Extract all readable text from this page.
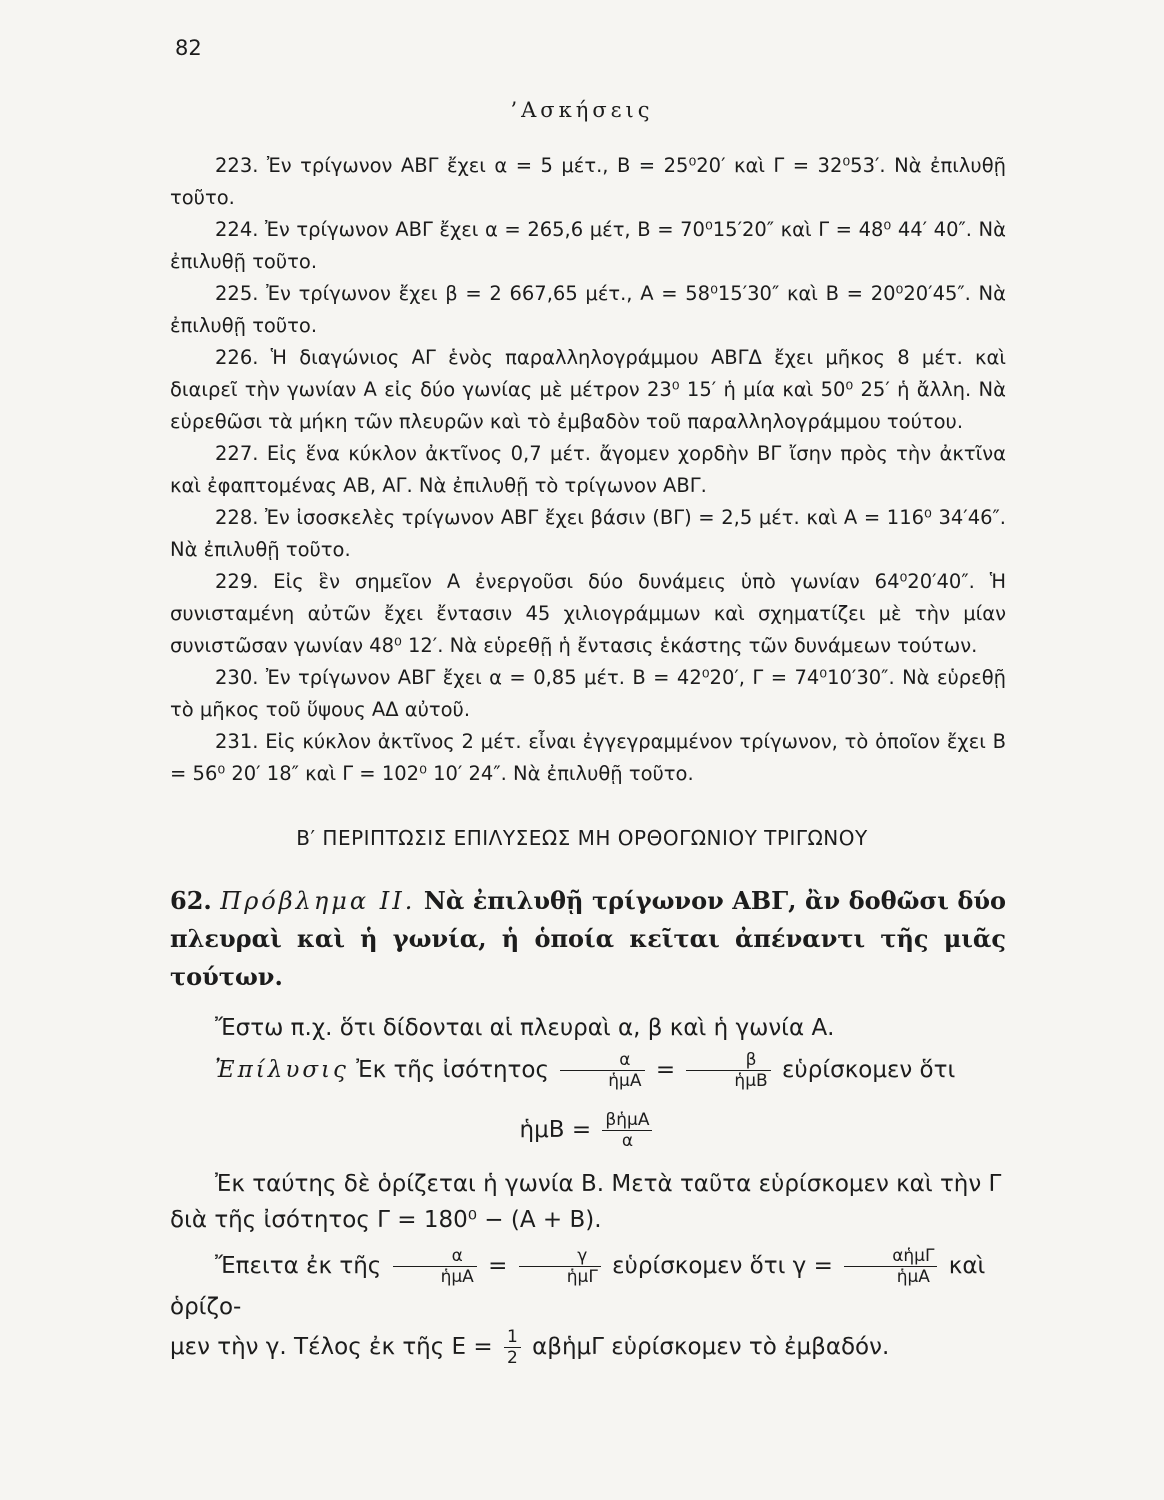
82
’Ασκήσεις

223. Ἐν τρίγωνον ΑΒΓ ἔχει α = 5 μέτ., Β = 25⁰20′ καὶ Γ = 32⁰53′. Νὰ ἐπιλυθῇ τοῦτο.

224. Ἐν τρίγωνον ΑΒΓ ἔχει α = 265,6 μέτ, Β = 70⁰15′20″ καὶ Γ = 48⁰ 44′ 40″. Νὰ ἐπιλυθῇ τοῦτο.

225. Ἐν τρίγωνον ἔχει β = 2 667,65 μέτ., Α = 58⁰15′30″ καὶ Β = 20⁰20′45″. Νὰ ἐπιλυθῇ τοῦτο.

226. Ἡ διαγώνιος ΑΓ ἑνὸς παραλληλογράμμου ΑΒΓΔ ἔχει μῆκος 8 μέτ. καὶ διαιρεῖ τὴν γωνίαν Α εἰς δύο γωνίας μὲ μέτρον 23⁰ 15′ ἡ μία καὶ 50⁰ 25′ ἡ ἄλλη. Νὰ εὑρεθῶσι τὰ μήκη τῶν πλευρῶν καὶ τὸ ἐμβαδὸν τοῦ παραλληλογράμμου τούτου.

227. Εἰς ἕνα κύκλον ἀκτῖνος 0,7 μέτ. ἄγομεν χορδὴν ΒΓ ἴσην πρὸς τὴν ἀκτῖνα καὶ ἐφαπτομένας ΑΒ, ΑΓ. Νὰ ἐπιλυθῇ τὸ τρίγωνον ΑΒΓ.

228. Ἐν ἰσοσκελὲς τρίγωνον ΑΒΓ ἔχει βάσιν (ΒΓ) = 2,5 μέτ. καὶ Α = 116⁰ 34′46″. Νὰ ἐπιλυθῇ τοῦτο.

229. Εἰς ἓν σημεῖον Α ἐνεργοῦσι δύο δυνάμεις ὑπὸ γωνίαν 64⁰20′40″. Ἡ συνισταμένη αὐτῶν ἔχει ἔντασιν 45 χιλιογράμμων καὶ σχηματίζει μὲ τὴν μίαν συνιστῶσαν γωνίαν 48⁰ 12′. Νὰ εὑρεθῇ ἡ ἔντασις ἑκάστης τῶν δυνάμεων τούτων.

230. Ἐν τρίγωνον ΑΒΓ ἔχει α = 0,85 μέτ. Β = 42⁰20′, Γ = 74⁰10′30″. Νὰ εὑρεθῇ τὸ μῆκος τοῦ ὕψους ΑΔ αὐτοῦ.

231. Εἰς κύκλον ἀκτῖνος 2 μέτ. εἶναι ἐγγεγραμμένον τρίγωνον, τὸ ὁποῖον ἔχει Β = 56⁰ 20′ 18″ καὶ Γ = 102⁰ 10′ 24″. Νὰ ἐπιλυθῇ τοῦτο.

Β′ ΠΕΡΙΠΤΩΣΙΣ ΕΠΙΛΥΣΕΩΣ ΜΗ ΟΡΘΟΓΩΝΙΟΥ ΤΡΙΓΩΝΟΥ
62. Πρόβλημα ΙΙ. Νὰ ἐπιλυθῇ τρίγωνον ΑΒΓ, ἂν δοθῶσι δύο πλευραὶ καὶ ἡ γωνία, ἡ ὁποία κεῖται ἀπέναντι τῆς μιᾶς τούτων.

Ἔστω π.χ. ὅτι δίδονται αἱ πλευραὶ α, β καὶ ἡ γωνία Α.

Ἐπίλυσις Ἐκ τῆς ἰσότητος $\frac{\alpha}{\text{ἡμΑ}} = \frac{\beta}{\text{ἡμΒ}}$ εὑρίσκομεν ὅτι

ἡμΒ = $\frac{\text{βἡμΑ}}{\alpha}$

Ἐκ ταύτης δὲ ὁρίζεται ἡ γωνία Β. Μετὰ ταῦτα εὑρίσκομεν καὶ τὴν Γ διὰ τῆς ἰσότητος Γ = 180⁰ − (Α + Β).

Ἔπειτα ἐκ τῆς $\frac{\alpha}{\text{ἡμΑ}} = \frac{\gamma}{\text{ἡμΓ}}$ εὑρίσκομεν ὅτι $\gamma = \frac{\text{αἡμΓ}}{\text{ἡμΑ}}$ καὶ ὁρίζο-

μεν τὴν γ. Τέλος ἐκ τῆς $E = \frac{1}{2}$ αβἡμΓ εὑρίσκομεν τὸ ἐμβαδόν.
